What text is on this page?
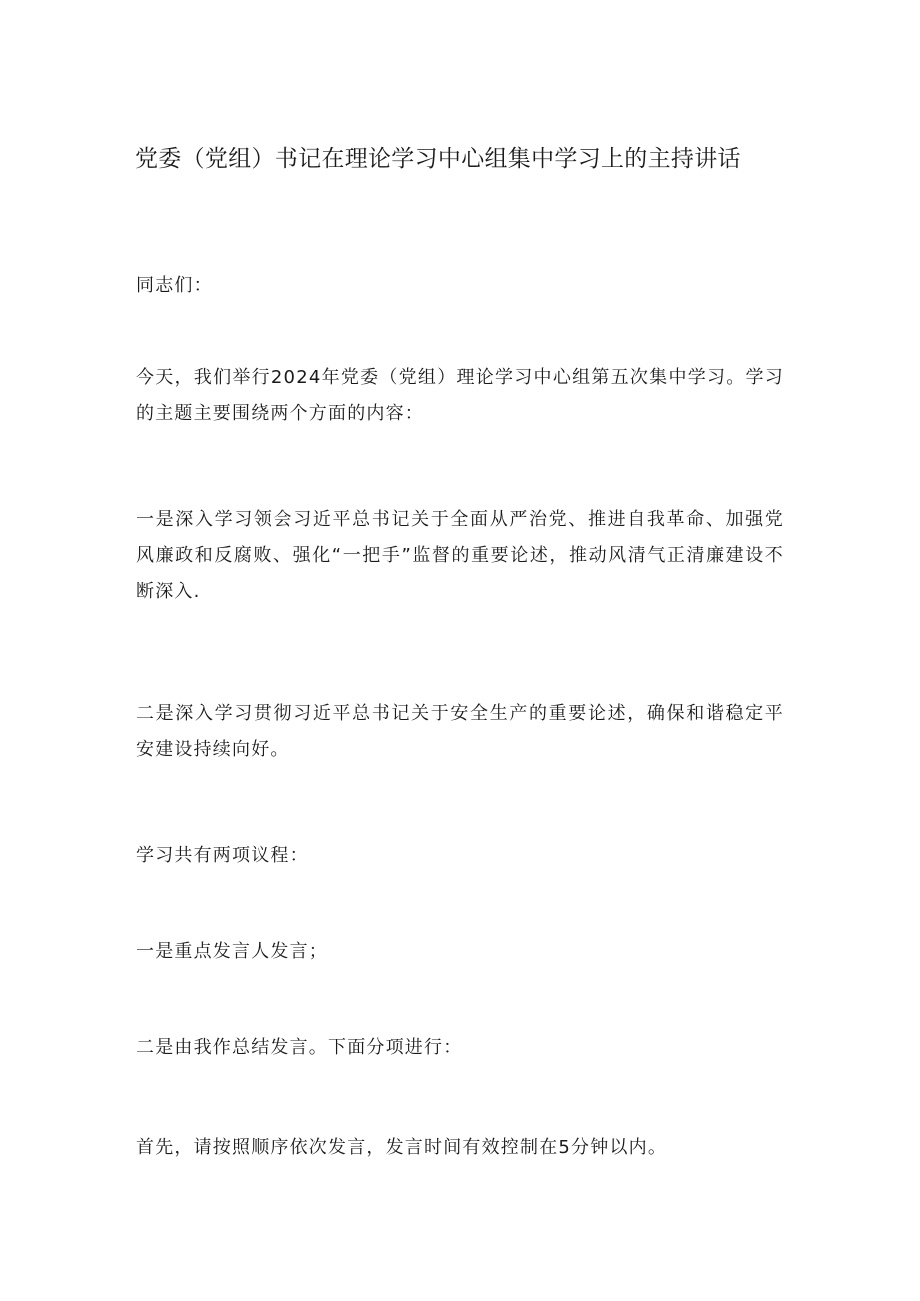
党委（党组）书记在理论学习中心组集中学习上的主持讲话
同志们：
今天，我们举行2024年党委（党组）理论学习中心组第五次集中学习。学习的主题主要围绕两个方面的内容：
一是深入学习领会习近平总书记关于全面从严治党、推进自我革命、加强党风廉政和反腐败、强化“一把手”监督的重要论述，推动风清气正清廉建设不断深入.
二是深入学习贯彻习近平总书记关于安全生产的重要论述，确保和谐稳定平安建设持续向好。
学习共有两项议程：
一是重点发言人发言；
二是由我作总结发言。下面分项进行：
首先，请按照顺序依次发言，发言时间有效控制在5分钟以内。
